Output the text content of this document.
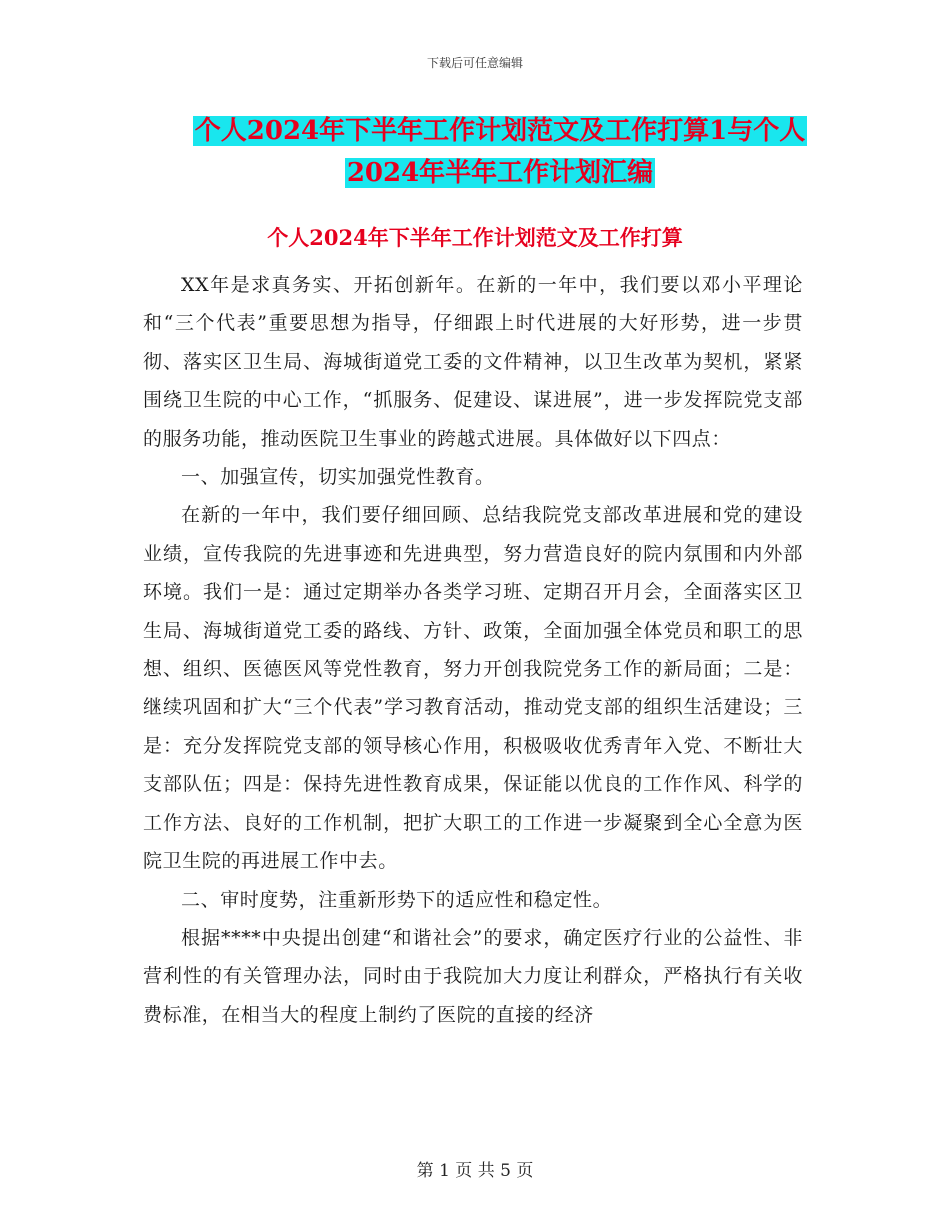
下载后可任意编辑
个人2024年下半年工作计划范文及工作打算1与个人
2024年半年工作计划汇编
个人2024年下半年工作计划范文及工作打算

XX年是求真务实、开拓创新年。在新的一年中，我们要以邓小平理论和“三个代表”重要思想为指导，仔细跟上时代进展的大好形势，进一步贯彻、落实区卫生局、海城街道党工委的文件精神，以卫生改革为契机，紧紧围绕卫生院的中心工作，“抓服务、促建设、谋进展”，进一步发挥院党支部的服务功能，推动医院卫生事业的跨越式进展。具体做好以下四点：

一、加强宣传，切实加强党性教育。

在新的一年中，我们要仔细回顾、总结我院党支部改革进展和党的建设业绩，宣传我院的先进事迹和先进典型，努力营造良好的院内氛围和内外部环境。我们一是：通过定期举办各类学习班、定期召开月会，全面落实区卫生局、海城街道党工委的路线、方针、政策，全面加强全体党员和职工的思想、组织、医德医风等党性教育，努力开创我院党务工作的新局面；二是：继续巩固和扩大“三个代表”学习教育活动，推动党支部的组织生活建设；三是：充分发挥院党支部的领导核心作用，积极吸收优秀青年入党、不断壮大支部队伍；四是：保持先进性教育成果，保证能以优良的工作作风、科学的工作方法、良好的工作机制，把扩大职工的工作进一步凝聚到全心全意为医院卫生院的再进展工作中去。

二、审时度势，注重新形势下的适应性和稳定性。

根据****中央提出创建“和谐社会”的要求，确定医疗行业的公益性、非营利性的有关管理办法，同时由于我院加大力度让利群众，严格执行有关收费标准，在相当大的程度上制约了医院的直接的经济

第 1 页 共 5 页
